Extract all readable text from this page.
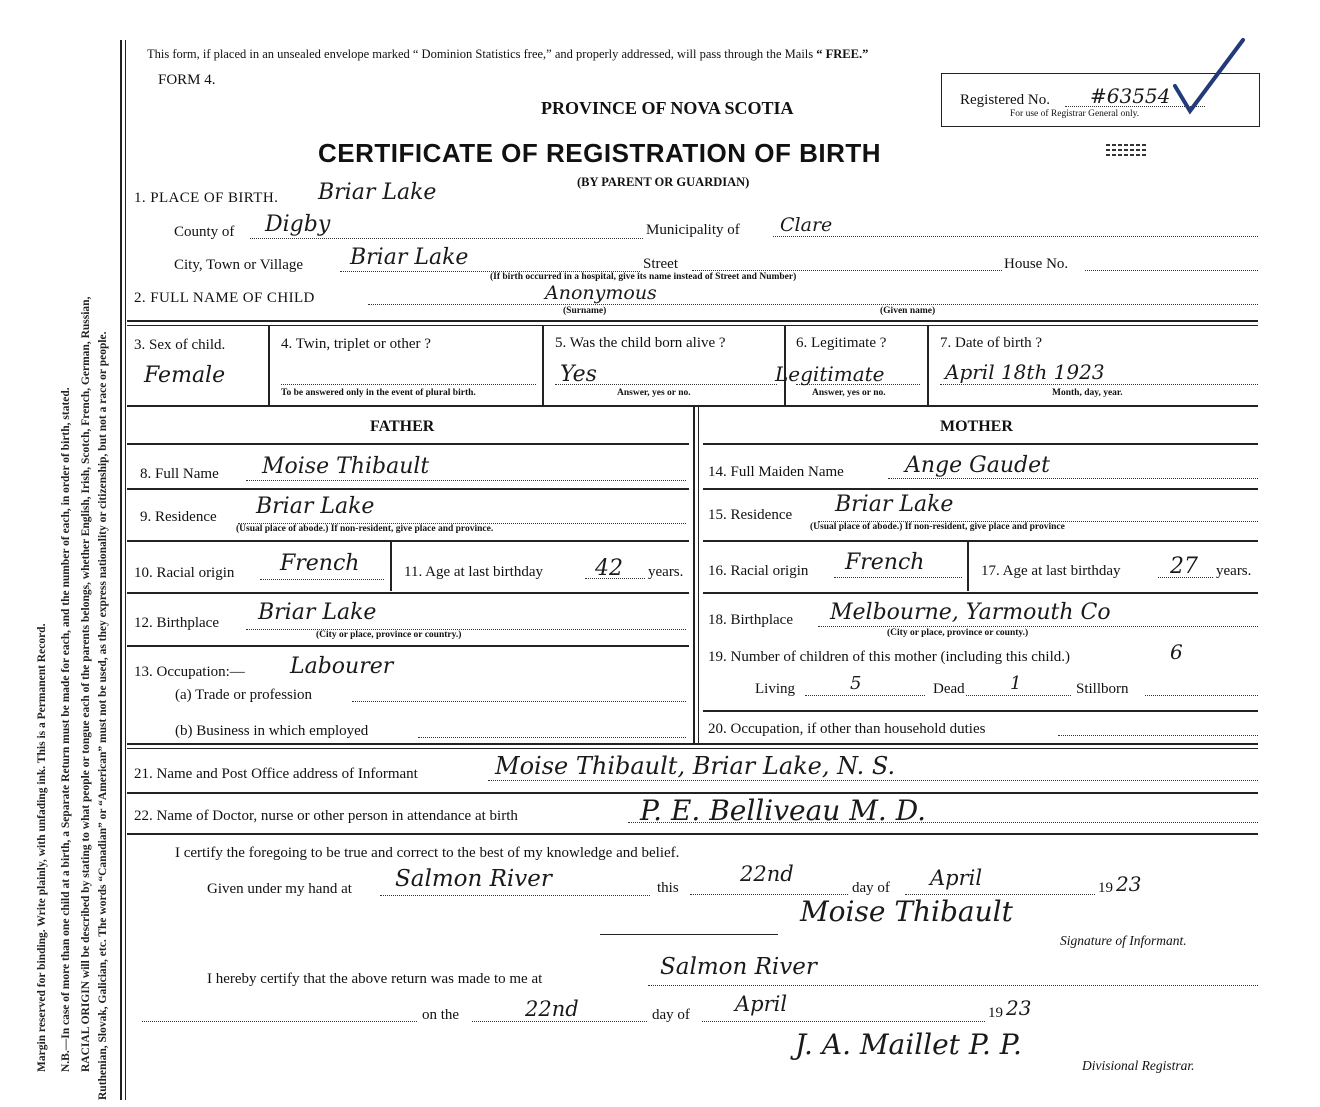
Margin reserved for binding. Write plainly, with unfading ink. This is a Permanent Record. N.B.—In case of more than one child at a birth, a Separate Return must be made for each, and the number of each, in order of birth, stated. RACIAL ORIGIN will be described by stating to what people or tongue each of the parents belongs, whether English, Irish, Scotch, French, German, Russian, Ruthenian, Slovak, Galician, etc. The words “Canadian” or “American” must not be used, as they express nationality or citizenship, but not a race or people.
This form, if placed in an unsealed envelope marked “ Dominion Statistics free,” and properly addressed, will pass through the Mails “ FREE.”
FORM 4.
PROVINCE OF NOVA SCOTIA
CERTIFICATE OF REGISTRATION OF BIRTH
(BY PARENT OR GUARDIAN)
Registered No. #63554
For use of Registrar General only.
1. PLACE OF BIRTH. Briar Lake
County of Digby	Municipality of Clare
City, Town or Village Briar Lake	Street	House No.
(If birth occurred in a hospital, give its name instead of Street and Number)
2. FULL NAME OF CHILD	Anonymous
(Surname)	(Given name)
3. Sex of child.
Female
4. Twin, triplet or other ?
To be answered only in the event of plural birth.
5. Was the child born alive ?
Yes
Answer, yes or no.
6. Legitimate ?
Legitimate
Answer, yes or no.
7. Date of birth ?
April 18th 1923
Month, day, year.
FATHER	MOTHER
8. Full Name Moise Thibault
9. Residence Briar Lake
(Usual place of abode.) If non-resident, give place and province.
10. Racial origin French	11. Age at last birthday 42 years.
12. Birthplace Briar Lake
(City or place, province or country.)
13. Occupation:— Labourer
(a) Trade or profession
(b) Business in which employed
14. Full Maiden Name	Ange Gaudet
15. Residence Briar Lake
(Usual place of abode.) If non-resident, give place and province
16. Racial origin French	17. Age at last birthday 27 years.
18. Birthplace Melbourne, Yarmouth Co
(City or place, province or county.)
19. Number of children of this mother (including this child.)	6
Living	5	Dead	1	Stillborn
20. Occupation, if other than household duties
21. Name and Post Office address of Informant	Moise Thibault, Briar Lake, N. S.
22. Name of Doctor, nurse or other person in attendance at birth	P. E. Belliveau M. D.
I certify the foregoing to be true and correct to the best of my knowledge and belief.
Given under my hand at Salmon River	this
22nd
day of April	19 23
Moise Thibault
Signature of Informant.
I hereby certify that the above return was made to me at	Salmon River
on the	22nd	day of April	19 23
J. A. Maillet P. P.
Divisional Registrar.
